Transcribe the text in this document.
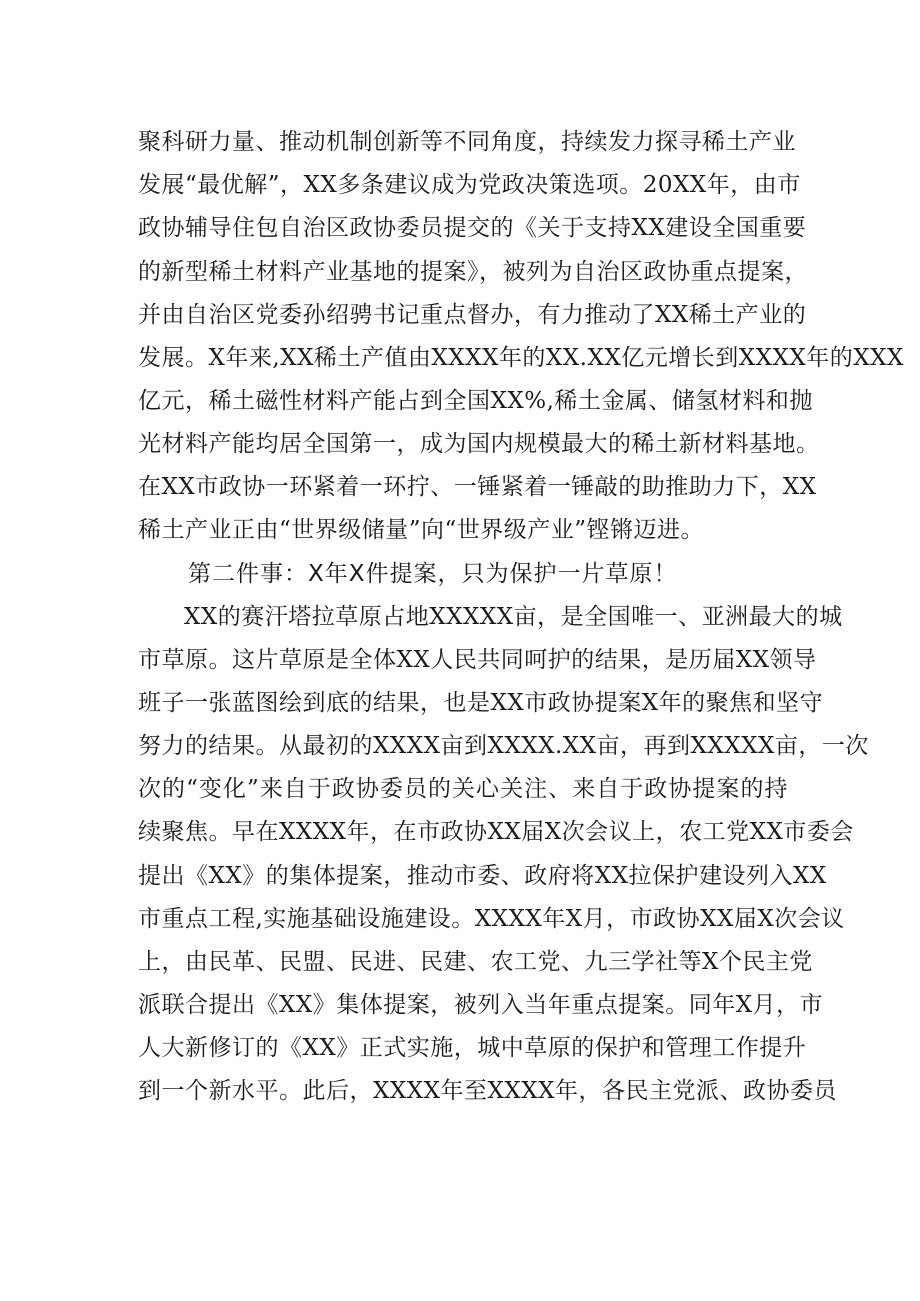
聚科研力量、推动机制创新等不同角度，持续发力探寻稀土产业
发展“最优解”，XX多条建议成为党政决策选项。20XX年，由市
政协辅导住包自治区政协委员提交的《关于支持XX建设全国重要
的新型稀土材料产业基地的提案》，被列为自治区政协重点提案，
并由自治区党委孙绍骋书记重点督办，有力推动了XX稀土产业的
发展。X年来,XX稀土产值由XXXX年的XX.XX亿元增长到XXXX年的XXX
亿元，稀土磁性材料产能占到全国XX%,稀土金属、储氢材料和抛
光材料产能均居全国第一，成为国内规模最大的稀土新材料基地。
在XX市政协一环紧着一环拧、一锤紧着一锤敲的助推助力下，XX
稀土产业正由“世界级储量”向“世界级产业”铿锵迈进。
第二件事：X年X件提案，只为保护一片草原！
XX的赛汗塔拉草原占地XXXXX亩，是全国唯一、亚洲最大的城
市草原。这片草原是全体XX人民共同呵护的结果，是历届XX领导
班子一张蓝图绘到底的结果，也是XX市政协提案X年的聚焦和坚守
努力的结果。从最初的XXXX亩到XXXX.XX亩，再到XXXXX亩，一次
次的“变化”来自于政协委员的关心关注、来自于政协提案的持
续聚焦。早在XXXX年，在市政协XX届X次会议上，农工党XX市委会
提出《XX》的集体提案，推动市委、政府将XX拉保护建设列入XX
市重点工程,实施基础设施建设。XXXX年X月，市政协XX届X次会议
上，由民革、民盟、民进、民建、农工党、九三学社等X个民主党
派联合提出《XX》集体提案，被列入当年重点提案。同年X月，市
人大新修订的《XX》正式实施，城中草原的保护和管理工作提升
到一个新水平。此后，XXXX年至XXXX年，各民主党派、政协委员
